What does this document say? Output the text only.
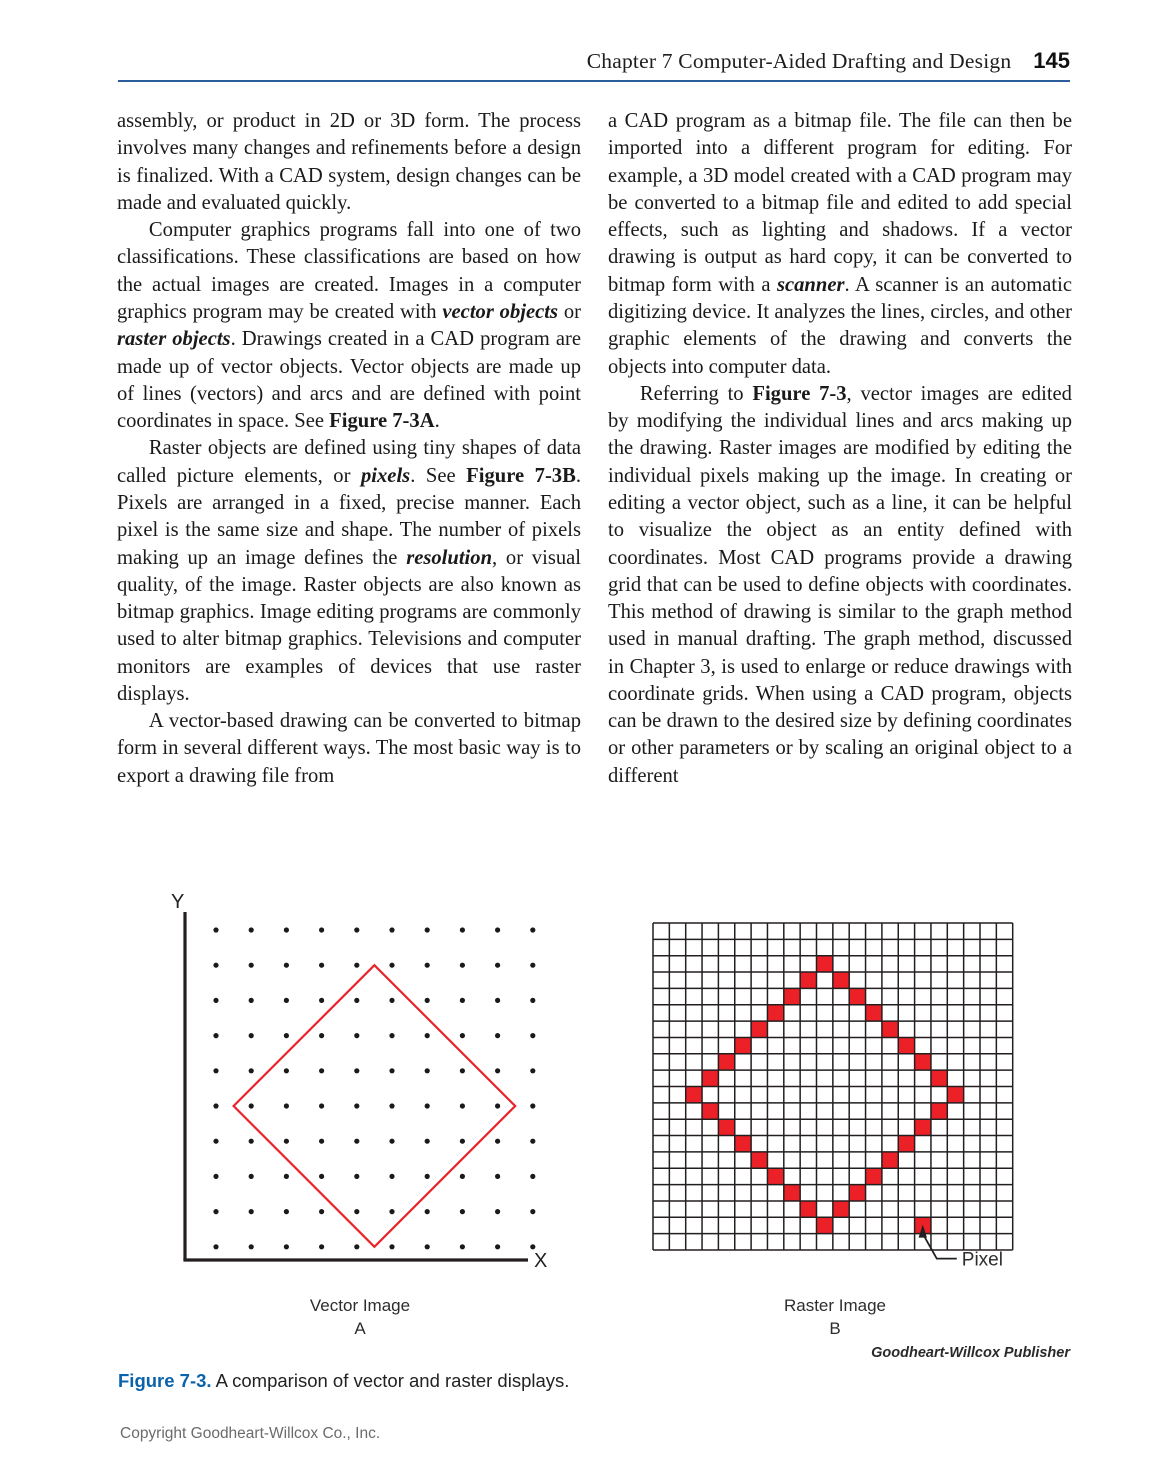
Chapter 7 Computer-Aided Drafting and Design 145

assembly, or product in 2D or 3D form. The process involves many changes and refinements before a design is finalized. With a CAD system, design changes can be made and evaluated quickly.

Computer graphics programs fall into one of two classifications. These classifications are based on how the actual images are created. Images in a computer graphics program may be created with vector objects or raster objects. Drawings created in a CAD program are made up of vector objects. Vector objects are made up of lines (vectors) and arcs and are defined with point coordinates in space. See Figure 7-3A.

Raster objects are defined using tiny shapes of data called picture elements, or pixels. See Figure 7-3B. Pixels are arranged in a fixed, precise manner. Each pixel is the same size and shape. The number of pixels making up an image defines the resolution, or visual quality, of the image. Raster objects are also known as bitmap graphics. Image editing programs are commonly used to alter bitmap graphics. Televisions and computer monitors are examples of devices that use raster displays.

A vector-based drawing can be converted to bitmap form in several different ways. The most basic way is to export a drawing file from

a CAD program as a bitmap file. The file can then be imported into a different program for editing. For example, a 3D model created with a CAD program may be converted to a bitmap file and edited to add special effects, such as lighting and shadows. If a vector drawing is output as hard copy, it can be converted to bitmap form with a scanner. A scanner is an automatic digitizing device. It analyzes the lines, circles, and other graphic elements of the drawing and converts the objects into computer data.

Referring to Figure 7-3, vector images are edited by modifying the individual lines and arcs making up the drawing. Raster images are modified by editing the individual pixels making up the image. In creating or editing a vector object, such as a line, it can be helpful to visualize the object as an entity defined with coordinates. Most CAD programs provide a drawing grid that can be used to define objects with coordinates. This method of drawing is similar to the graph method used in manual drafting. The graph method, discussed in Chapter 3, is used to enlarge or reduce drawings with coordinate grids. When using a CAD program, objects can be drawn to the desired size by defining coordinates or other parameters or by scaling an original object to a different

Y
X
Vector Image
A
Pixel
Raster Image
B
Goodheart-Willcox Publisher
Figure 7-3. A comparison of vector and raster displays.
Copyright Goodheart-Willcox Co., Inc.
